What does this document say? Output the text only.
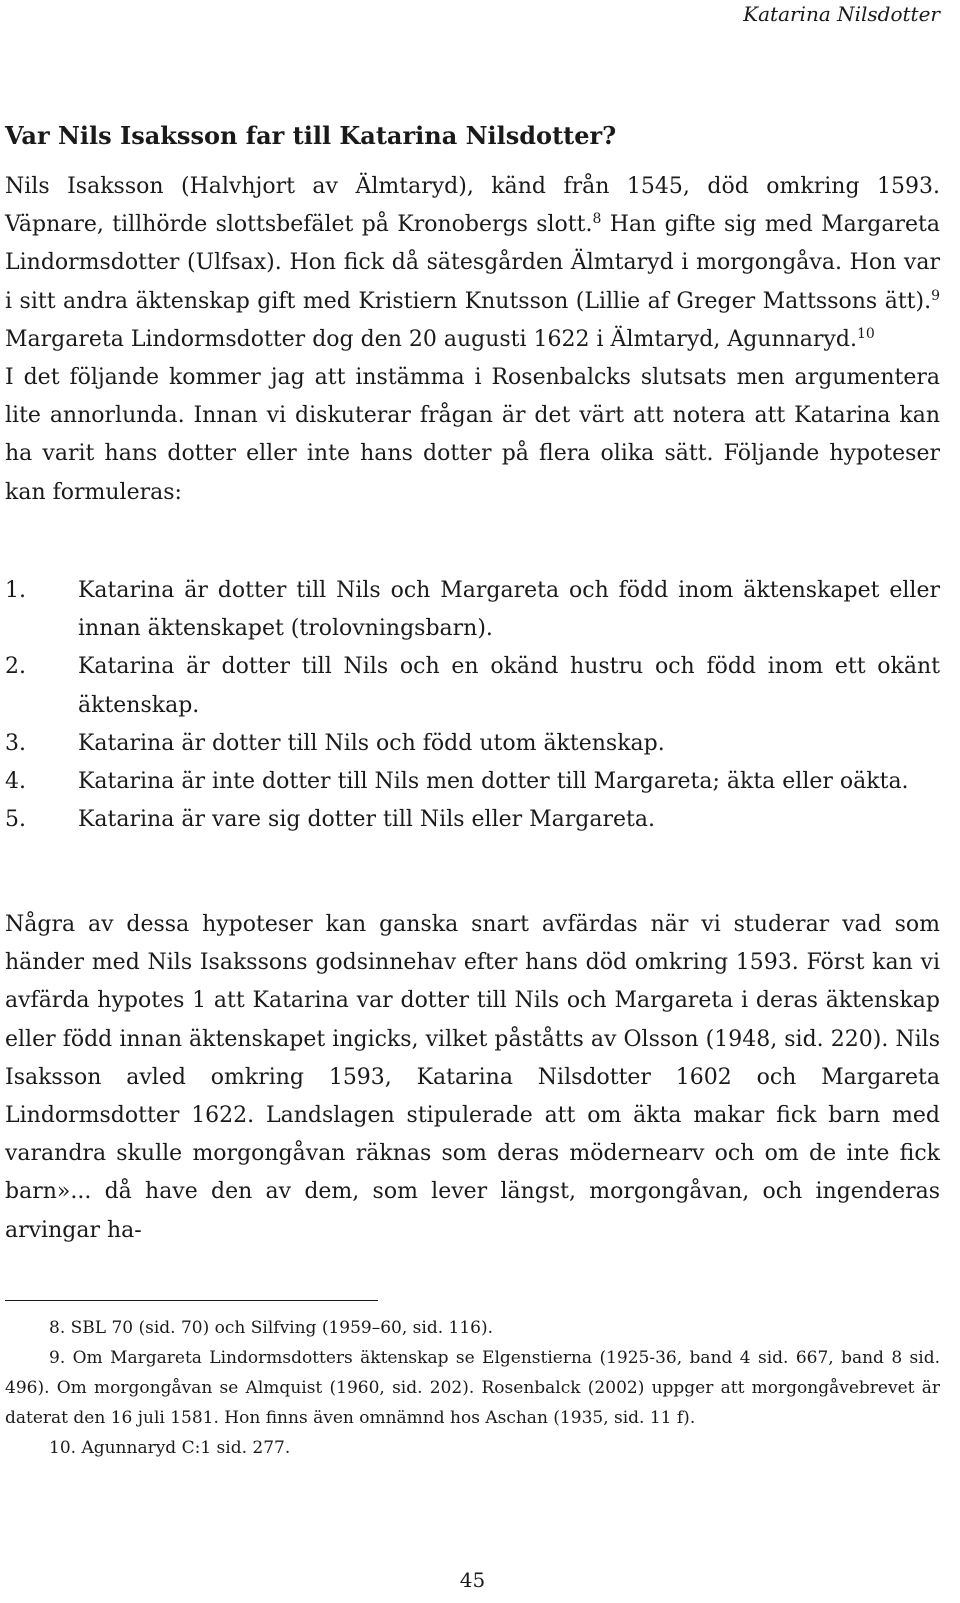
Katarina Nilsdotter
Var Nils Isaksson far till Katarina Nilsdotter?

Nils Isaksson (Halvhjort av Älmtaryd), känd från 1545, död omkring 1593. Väpnare, tillhörde slottsbefälet på Kronobergs slott.$^8$ Han gifte sig med Margareta Lindormsdotter (Ulfsax). Hon fick då sätesgården Älmtaryd i morgongåva. Hon var i sitt andra äktenskap gift med Kristiern Knutsson (Lillie af Greger Mattssons ätt).$^9$ Margareta Lindormsdotter dog den 20 augusti 1622 i Älmtaryd, Agunnaryd.$^{10}$

I det följande kommer jag att instämma i Rosenbalcks slutsats men argumentera lite annorlunda. Innan vi diskuterar frågan är det värt att notera att Katarina kan ha varit hans dotter eller inte hans dotter på flera olika sätt. Följande hypoteser kan formuleras:

1. Katarina är dotter till Nils och Margareta och född inom äktenskapet eller innan äktenskapet (trolovningsbarn).
2. Katarina är dotter till Nils och en okänd hustru och född inom ett okänt äktenskap.
3. Katarina är dotter till Nils och född utom äktenskap.
4. Katarina är inte dotter till Nils men dotter till Margareta; äkta eller oäkta.
5. Katarina är vare sig dotter till Nils eller Margareta.

Några av dessa hypoteser kan ganska snart avfärdas när vi studerar vad som händer med Nils Isakssons godsinnehav efter hans död omkring 1593. Först kan vi avfärda hypotes 1 att Katarina var dotter till Nils och Margareta i deras äktenskap eller född innan äktenskapet ingicks, vilket påståtts av Olsson (1948, sid. 220). Nils Isaksson avled omkring 1593, Katarina Nilsdotter 1602 och Margareta Lindormsdotter 1622. Landslagen stipulerade att om äkta makar fick barn med varandra skulle morgongåvan räknas som deras mödernearv och om de inte fick barn»... då have den av dem, som lever längst, morgongåvan, och ingenderas arvingar ha-

8. SBL 70 (sid. 70) och Silfving (1959–60, sid. 116).

9. Om Margareta Lindormsdotters äktenskap se Elgenstierna (1925-36, band 4 sid. 667, band 8 sid. 496). Om morgongåvan se Almquist (1960, sid. 202). Rosenbalck (2002) uppger att morgongåvebrevet är daterat den 16 juli 1581. Hon finns även omnämnd hos Aschan (1935, sid. 11 f).

10. Agunnaryd C:1 sid. 277.

45
